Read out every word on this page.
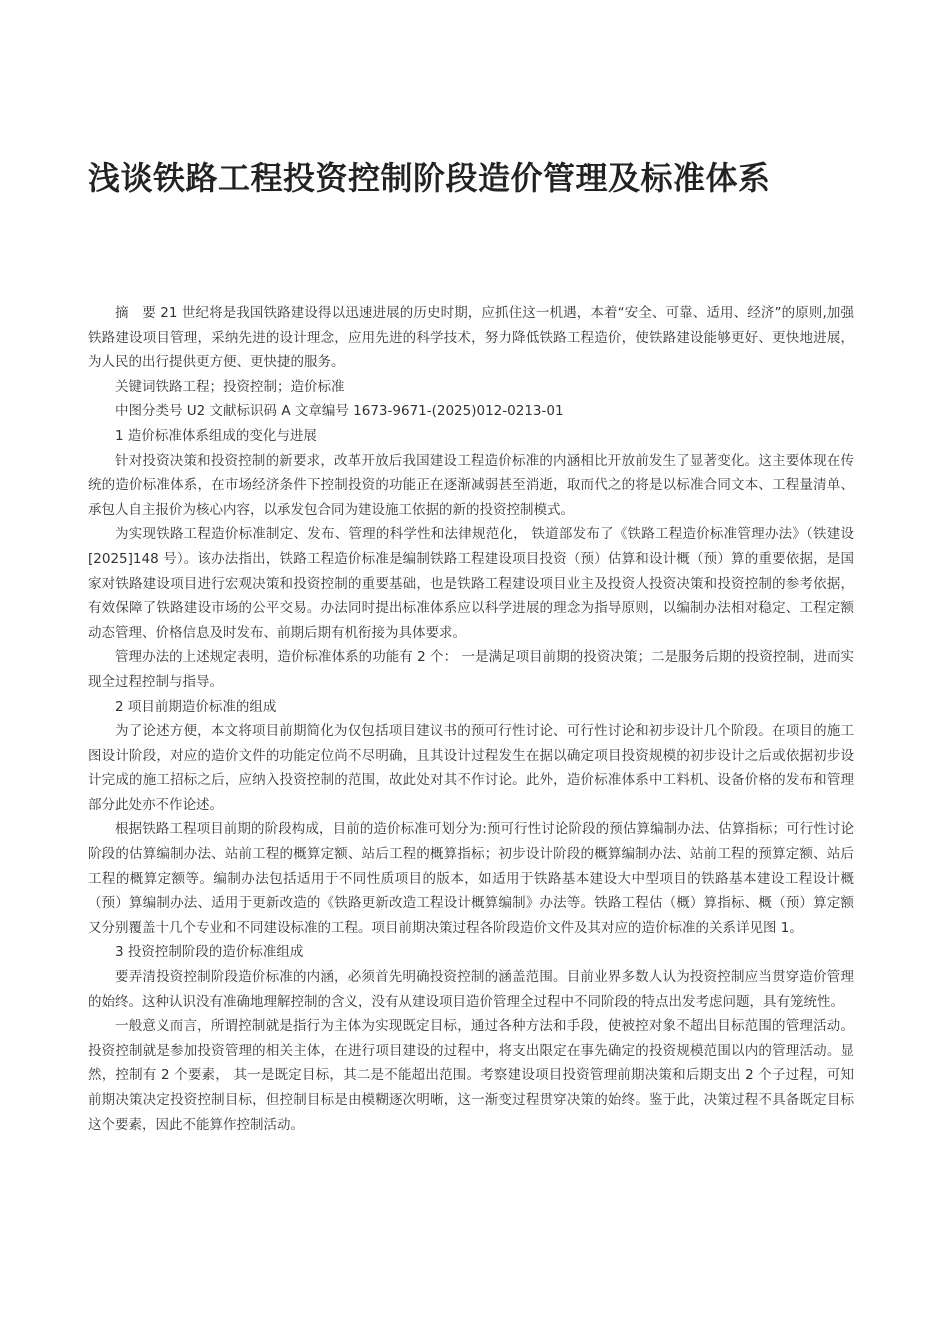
浅谈铁路工程投资控制阶段造价管理及标准体系

摘　要 21 世纪将是我国铁路建设得以迅速进展的历史时期，应抓住这一机遇，本着“安全、可靠、适用、经济”的原则,加强铁路建设项目管理，采纳先进的设计理念，应用先进的科学技术，努力降低铁路工程造价，使铁路建设能够更好、更快地进展，为人民的出行提供更方便、更快捷的服务。

关键词铁路工程；投资控制；造价标准

中图分类号 U2 文献标识码 A 文章编号 1673-9671-(2025)012-0213-01

1 造价标准体系组成的变化与进展

针对投资决策和投资控制的新要求，改革开放后我国建设工程造价标准的内涵相比开放前发生了显著变化。这主要体现在传统的造价标准体系，在市场经济条件下控制投资的功能正在逐渐减弱甚至消逝，取而代之的将是以标准合同文本、工程量清单、承包人自主报价为核心内容，以承发包合同为建设施工依据的新的投资控制模式。

为实现铁路工程造价标准制定、发布、管理的科学性和法律规范化， 铁道部发布了《铁路工程造价标准管理办法》（铁建设[2025]148 号）。该办法指出，铁路工程造价标准是编制铁路工程建设项目投资（预）估算和设计概（预）算的重要依据，是国家对铁路建设项目进行宏观决策和投资控制的重要基础，也是铁路工程建设项目业主及投资人投资决策和投资控制的参考依据，有效保障了铁路建设市场的公平交易。办法同时提出标准体系应以科学进展的理念为指导原则，以编制办法相对稳定、工程定额动态管理、价格信息及时发布、前期后期有机衔接为具体要求。

管理办法的上述规定表明，造价标准体系的功能有 2 个： 一是满足项目前期的投资决策；二是服务后期的投资控制，进而实现全过程控制与指导。

2 项目前期造价标准的组成

为了论述方便，本文将项目前期简化为仅包括项目建议书的预可行性讨论、可行性讨论和初步设计几个阶段。在项目的施工图设计阶段，对应的造价文件的功能定位尚不尽明确，且其设计过程发生在据以确定项目投资规模的初步设计之后或依据初步设计完成的施工招标之后，应纳入投资控制的范围，故此处对其不作讨论。此外，造价标准体系中工料机、设备价格的发布和管理部分此处亦不作论述。

根据铁路工程项目前期的阶段构成，目前的造价标准可划分为:预可行性讨论阶段的预估算编制办法、估算指标；可行性讨论阶段的估算编制办法、站前工程的概算定额、站后工程的概算指标；初步设计阶段的概算编制办法、站前工程的预算定额、站后工程的概算定额等。编制办法包括适用于不同性质项目的版本，如适用于铁路基本建设大中型项目的铁路基本建设工程设计概（预）算编制办法、适用于更新改造的《铁路更新改造工程设计概算编制》办法等。铁路工程估（概）算指标、概（预）算定额又分别覆盖十几个专业和不同建设标准的工程。项目前期决策过程各阶段造价文件及其对应的造价标准的关系详见图 1。

3 投资控制阶段的造价标准组成

要弄清投资控制阶段造价标准的内涵，必须首先明确投资控制的涵盖范围。目前业界多数人认为投资控制应当贯穿造价管理的始终。这种认识没有准确地理解控制的含义，没有从建设项目造价管理全过程中不同阶段的特点出发考虑问题，具有笼统性。

一般意义而言，所谓控制就是指行为主体为实现既定目标，通过各种方法和手段，使被控对象不超出目标范围的管理活动。投资控制就是参加投资管理的相关主体，在进行项目建设的过程中，将支出限定在事先确定的投资规模范围以内的管理活动。显然，控制有 2 个要素， 其一是既定目标，其二是不能超出范围。考察建设项目投资管理前期决策和后期支出 2 个子过程，可知前期决策决定投资控制目标，但控制目标是由模糊逐次明晰，这一渐变过程贯穿决策的始终。鉴于此，决策过程不具备既定目标这个要素，因此不能算作控制活动。
